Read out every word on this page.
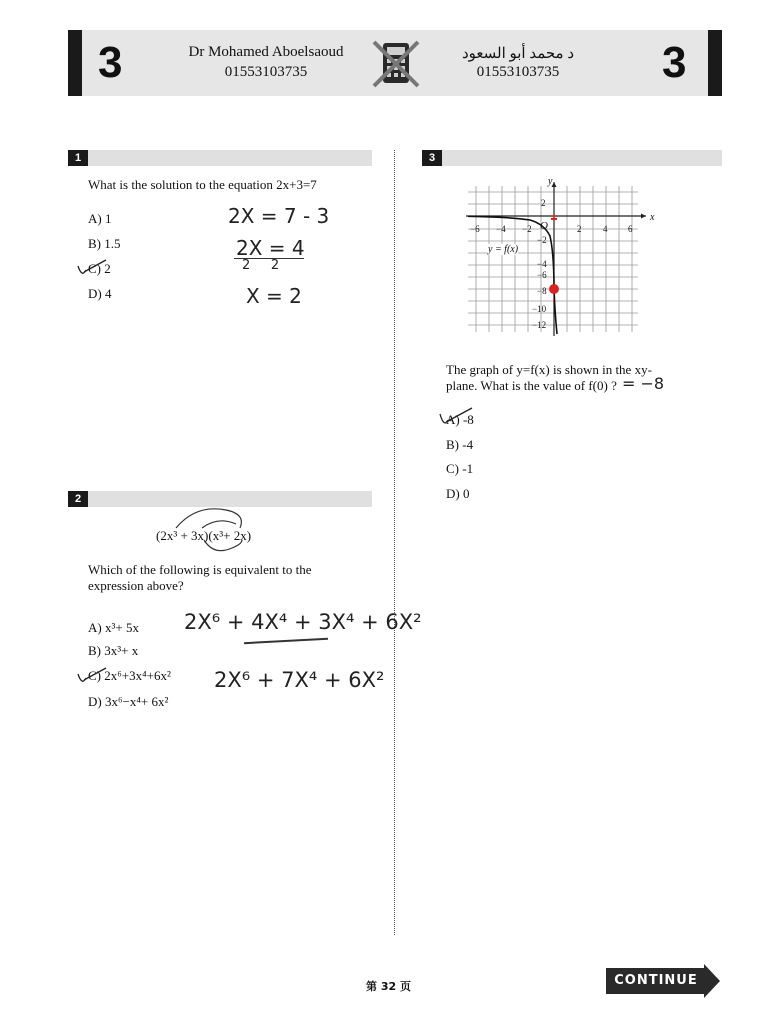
3	3
Dr Mohamed Aboelsaoud
01553103735
د محمد أبو السعود
01553103735
1
What is the solution to the equation 2x+3=7
A) 1
B) 1.5
C) 2
D) 4
2X = 7 - 3
2X = 4
2     2
X = 2
2
(2x³ + 3x)(x³+ 2x)
Which of the following is equivalent to the
expression above?
A) x³+ 5x
B) 3x³+ x
C) 2x⁶+3x⁴+6x²
D) 3x⁶−x⁴+ 6x²
2X⁶ + 4X⁴ + 3X⁴ + 6X²
2X⁶ + 7X⁴ + 6X²
3
y
x
O
−6 −4 −2	2 4 6
2
−2
−4
−6
−8
−10
−12
y = f(x)
The graph of y=f(x) is shown in the xy-
plane. What is the value of f(0) ? = −8
A) -8
B) -4
C) -1
D) 0
第 32 页	CONTINUE
